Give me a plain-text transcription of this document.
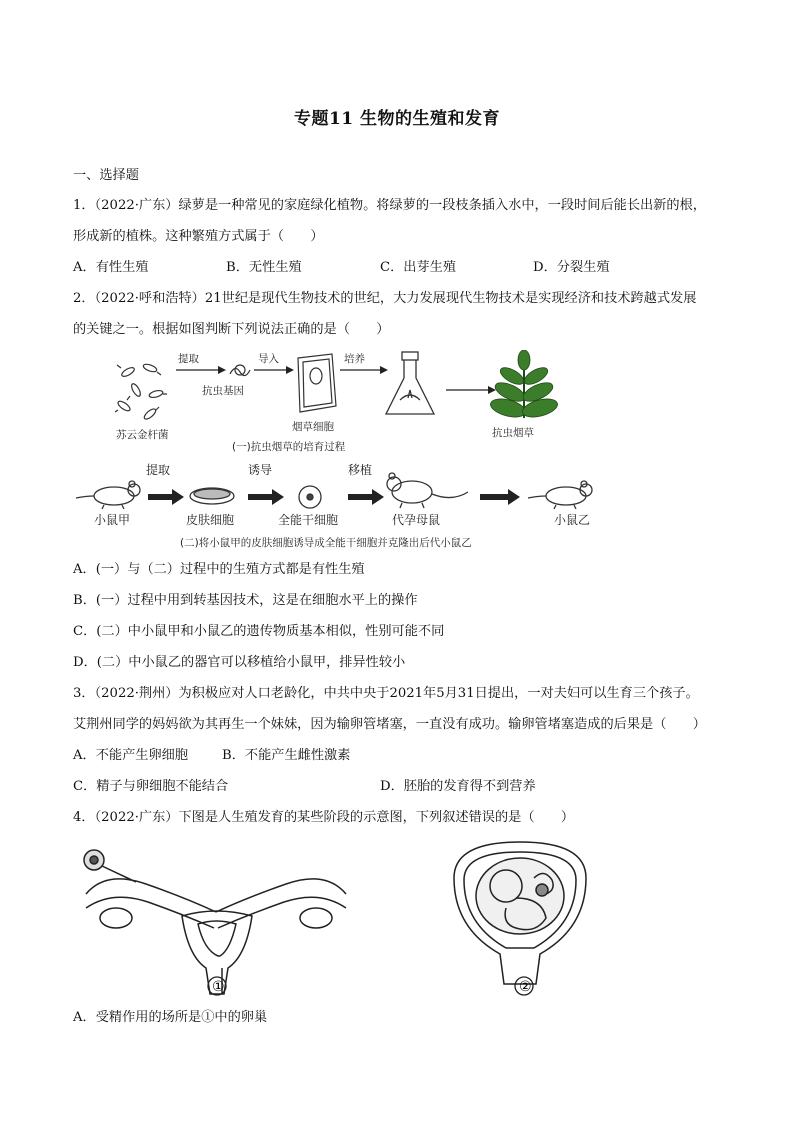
专题11 生物的生殖和发育
一、选择题
1．（2022·广东）绿萝是一种常见的家庭绿化植物。将绿萝的一段枝条插入水中，一段时间后能长出新的根，
形成新的植株。这种繁殖方式属于（　　）
A．有性生殖	B．无性生殖	C．出芽生殖	D．分裂生殖
2．（2022·呼和浩特）21世纪是现代生物技术的世纪，大力发展现代生物技术是实现经济和技术跨越式发展
的关键之一。根据如图判断下列说法正确的是（　　）
苏云金杆菌
提取
抗虫基因
导入
烟草细胞
培养
抗虫烟草
(一)抗虫烟草的培育过程
小鼠甲
提取
皮肤细胞
诱导
全能干细胞
移植
代孕母鼠	小鼠乙
(二)将小鼠甲的皮肤细胞诱导成全能干细胞并克隆出后代小鼠乙
A．(一）与（二）过程中的生殖方式都是有性生殖
B．(一）过程中用到转基因技术，这是在细胞水平上的操作
C．(二）中小鼠甲和小鼠乙的遗传物质基本相似，性别可能不同
D．(二）中小鼠乙的器官可以移植给小鼠甲，排异性较小
3．（2022·荆州）为积极应对人口老龄化，中共中央于2021年5月31日提出，一对夫妇可以生育三个孩子。
艾荆州同学的妈妈欲为其再生一个妹妹，因为输卵管堵塞，一直没有成功。输卵管堵塞造成的后果是（　　）
A．不能产生卵细胞	B．不能产生雌性激素
C．精子与卵细胞不能结合	D．胚胎的发育得不到营养
4．（2022·广东）下图是人生殖发育的某些阶段的示意图，下列叙述错误的是（　　）
①	②
A．受精作用的场所是①中的卵巢
